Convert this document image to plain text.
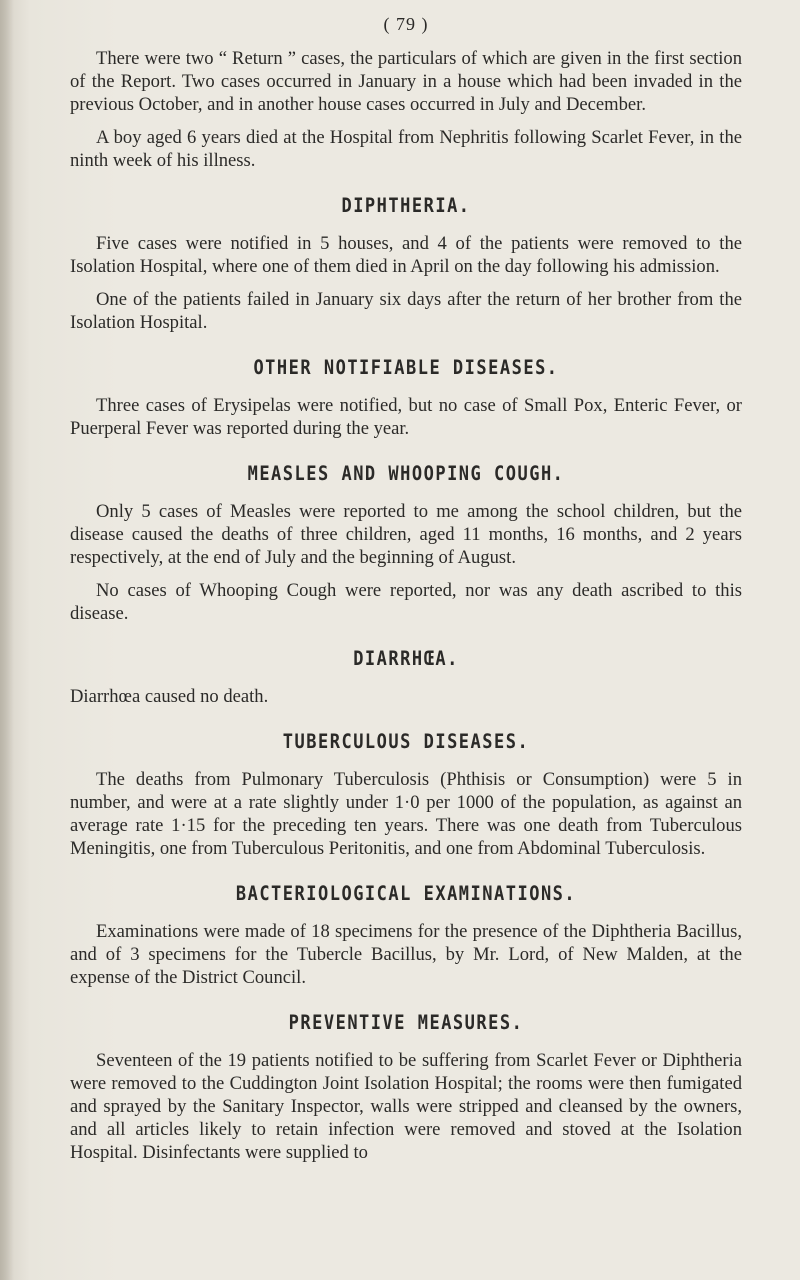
( 79 )

There were two “ Return ” cases, the particulars of which are given in the first section of the Report. Two cases occurred in January in a house which had been invaded in the previous October, and in another house cases occurred in July and December.

A boy aged 6 years died at the Hospital from Nephritis following Scarlet Fever, in the ninth week of his illness.

DIPHTHERIA.

Five cases were notified in 5 houses, and 4 of the patients were removed to the Isolation Hospital, where one of them died in April on the day following his admission.

One of the patients failed in January six days after the return of her brother from the Isolation Hospital.

OTHER NOTIFIABLE DISEASES.

Three cases of Erysipelas were notified, but no case of Small Pox, Enteric Fever, or Puerperal Fever was reported during the year.

MEASLES AND WHOOPING COUGH.

Only 5 cases of Measles were reported to me among the school children, but the disease caused the deaths of three children, aged 11 months, 16 months, and 2 years respectively, at the end of July and the beginning of August.

No cases of Whooping Cough were reported, nor was any death ascribed to this disease.

DIARRHŒA.

Diarrhœa caused no death.

TUBERCULOUS DISEASES.

The deaths from Pulmonary Tuberculosis (Phthisis or Consumption) were 5 in number, and were at a rate slightly under 1·0 per 1000 of the population, as against an average rate 1·15 for the preceding ten years. There was one death from Tuberculous Meningitis, one from Tuberculous Peritonitis, and one from Abdominal Tuberculosis.

BACTERIOLOGICAL EXAMINATIONS.

Examinations were made of 18 specimens for the presence of the Diphtheria Bacillus, and of 3 specimens for the Tubercle Bacillus, by Mr. Lord, of New Malden, at the expense of the District Council.

PREVENTIVE MEASURES.

Seventeen of the 19 patients notified to be suffering from Scarlet Fever or Diphtheria were removed to the Cuddington Joint Isolation Hospital; the rooms were then fumigated and sprayed by the Sanitary Inspector, walls were stripped and cleansed by the owners, and all articles likely to retain infection were removed and stoved at the Isolation Hospital. Disinfectants were supplied to
